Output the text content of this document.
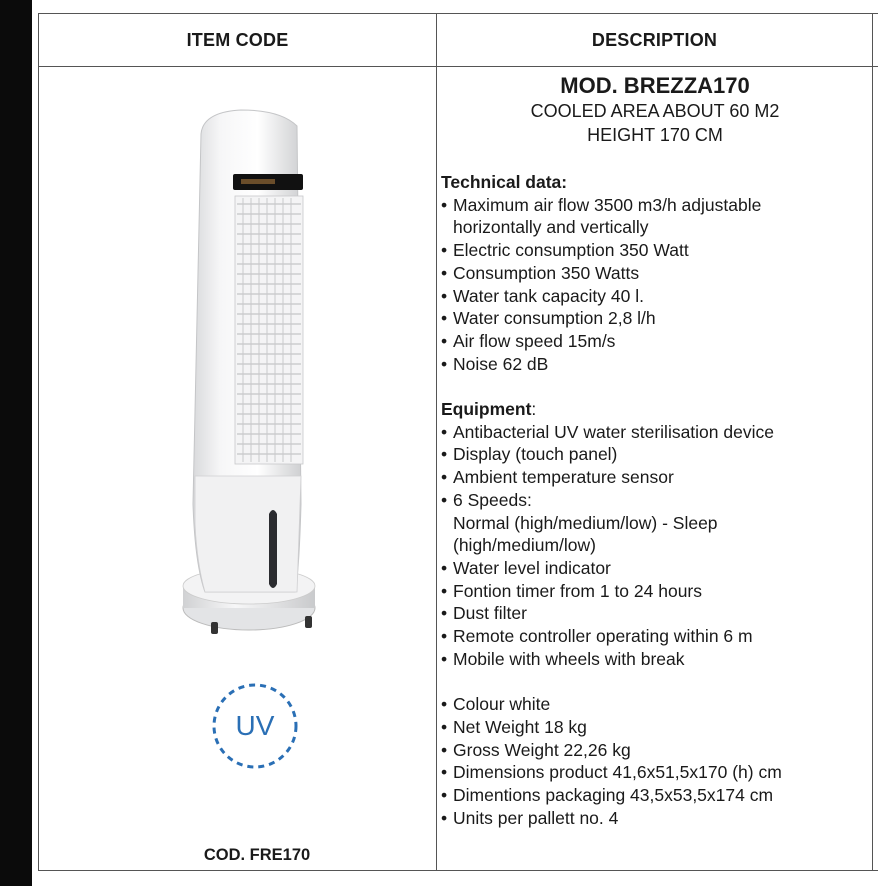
ITEM CODE	DESCRIPTION
MOD. BREZZA170
COOLED AREA ABOUT 60 M2
HEIGHT 170 CM
Technical data:
• Maximum air flow 3500 m3/h adjustable
horizontally and vertically
• Electric consumption 350 Watt
• Consumption 350 Watts
• Water tank capacity 40 l.
• Water consumption 2,8 l/h
• Air flow speed 15m/s
• Noise 62 dB
Equipment:
• Antibacterial UV water sterilisation device
• Display (touch panel)
• Ambient temperature sensor
• 6 Speeds:
Normal (high/medium/low) - Sleep
(high/medium/low)
• Water level indicator
• Fontion timer from 1 to 24 hours
• Dust filter
• Remote controller operating within 6 m
• Mobile with wheels with break
• Colour white
• Net Weight 18 kg
• Gross Weight 22,26 kg
• Dimensions product 41,6x51,5x170 (h) cm
• Dimentions packaging 43,5x53,5x174 cm
• Units per pallett no. 4
UV
COD. FRE170
